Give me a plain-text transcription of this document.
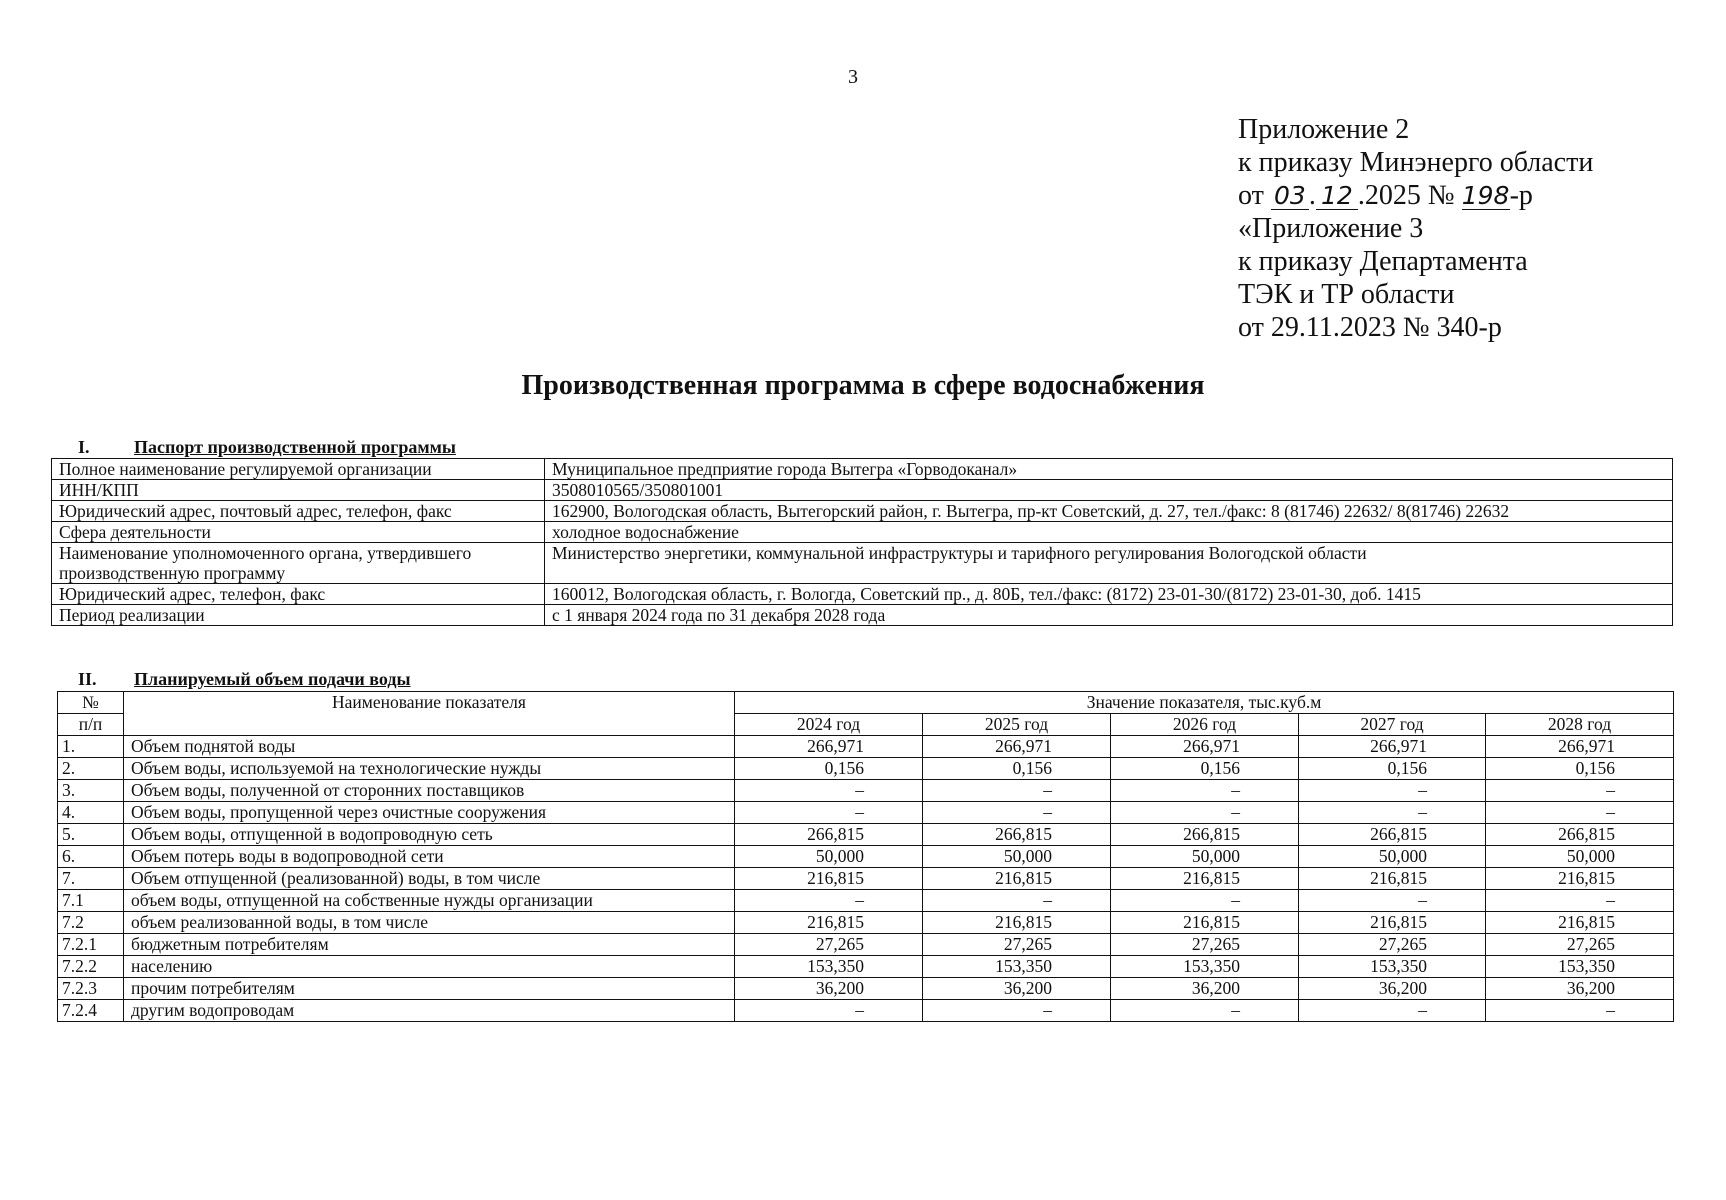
3
Приложение 2
к приказу Минэнерго области
от 03 . 12 .2025 № 198-р
«Приложение 3
к приказу Департамента
ТЭК и ТР области
от 29.11.2023 № 340-р
Производственная программа в сфере водоснабжения
I. Паспорт производственной программы
Полное наименование регулируемой организации	Муниципальное предприятие города Вытегра «Горводоканал»
ИНН/КПП	3508010565/350801001
Юридический адрес, почтовый адрес, телефон, факс	162900, Вологодская область, Вытегорский район, г. Вытегра, пр-кт Советский, д. 27, тел./факс: 8 (81746) 22632/ 8(81746) 22632
Сфера деятельности	холодное водоснабжение
Наименование уполномоченного органа, утвердившего производственную программу	Министерство энергетики, коммунальной инфраструктуры и тарифного регулирования Вологодской области
Юридический адрес, телефон, факс	160012, Вологодская область, г. Вологда, Советский пр., д. 80Б, тел./факс: (8172) 23-01-30/(8172) 23-01-30, доб. 1415
Период реализации	с 1 января 2024 года по 31 декабря 2028 года
II. Планируемый объем подачи воды
№	Наименование показателя	Значение показателя, тыс.куб.м				
п/п		2024 год	2025 год	2026 год	2027 год	2028 год
1.	Объем поднятой воды	266,971	266,971	266,971	266,971	266,971
2.	Объем воды, используемой на технологические нужды	0,156	0,156	0,156	0,156	0,156
3.	Объем воды, полученной от сторонних поставщиков	–	–	–	–	–
4.	Объем воды, пропущенной через очистные сооружения	–	–	–	–	–
5.	Объем воды, отпущенной в водопроводную сеть	266,815	266,815	266,815	266,815	266,815
6.	Объем потерь воды в водопроводной сети	50,000	50,000	50,000	50,000	50,000
7.	Объем отпущенной (реализованной) воды, в том числе	216,815	216,815	216,815	216,815	216,815
7.1	объем воды, отпущенной на собственные нужды организации	–	–	–	–	–
7.2	объем реализованной воды, в том числе	216,815	216,815	216,815	216,815	216,815
7.2.1	бюджетным потребителям	27,265	27,265	27,265	27,265	27,265
7.2.2	населению	153,350	153,350	153,350	153,350	153,350
7.2.3	прочим потребителям	36,200	36,200	36,200	36,200	36,200
7.2.4	другим водопроводам	–	–	–	–	–
